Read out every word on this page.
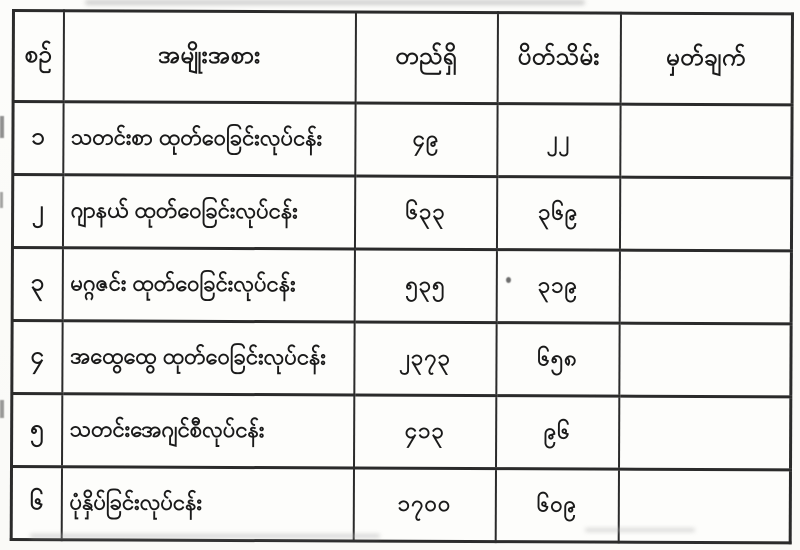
စဉ်	အမျိုးအစား	တည်ရှိ	ပိတ်သိမ်း	မှတ်ချက်
၁	သတင်းစာ ထုတ်ဝေခြင်းလုပ်ငန်း	၄၉	၂၂	
၂	ဂျာနယ် ထုတ်ဝေခြင်းလုပ်ငန်း	၆၃၃	၃၆၉	
၃	မဂ္ဂဇင်း ထုတ်ဝေခြင်းလုပ်ငန်း	၅၃၅	၃၁၉	
၄	အထွေထွေ ထုတ်ဝေခြင်းလုပ်ငန်း	၂၃၇၃	၆၅၈	
၅	သတင်းအေဂျင်စီလုပ်ငန်း	၄၁၃	၉၆	
၆	ပုံနှိပ်ခြင်းလုပ်ငန်း	၁၇၀၀	၆၀၉	
